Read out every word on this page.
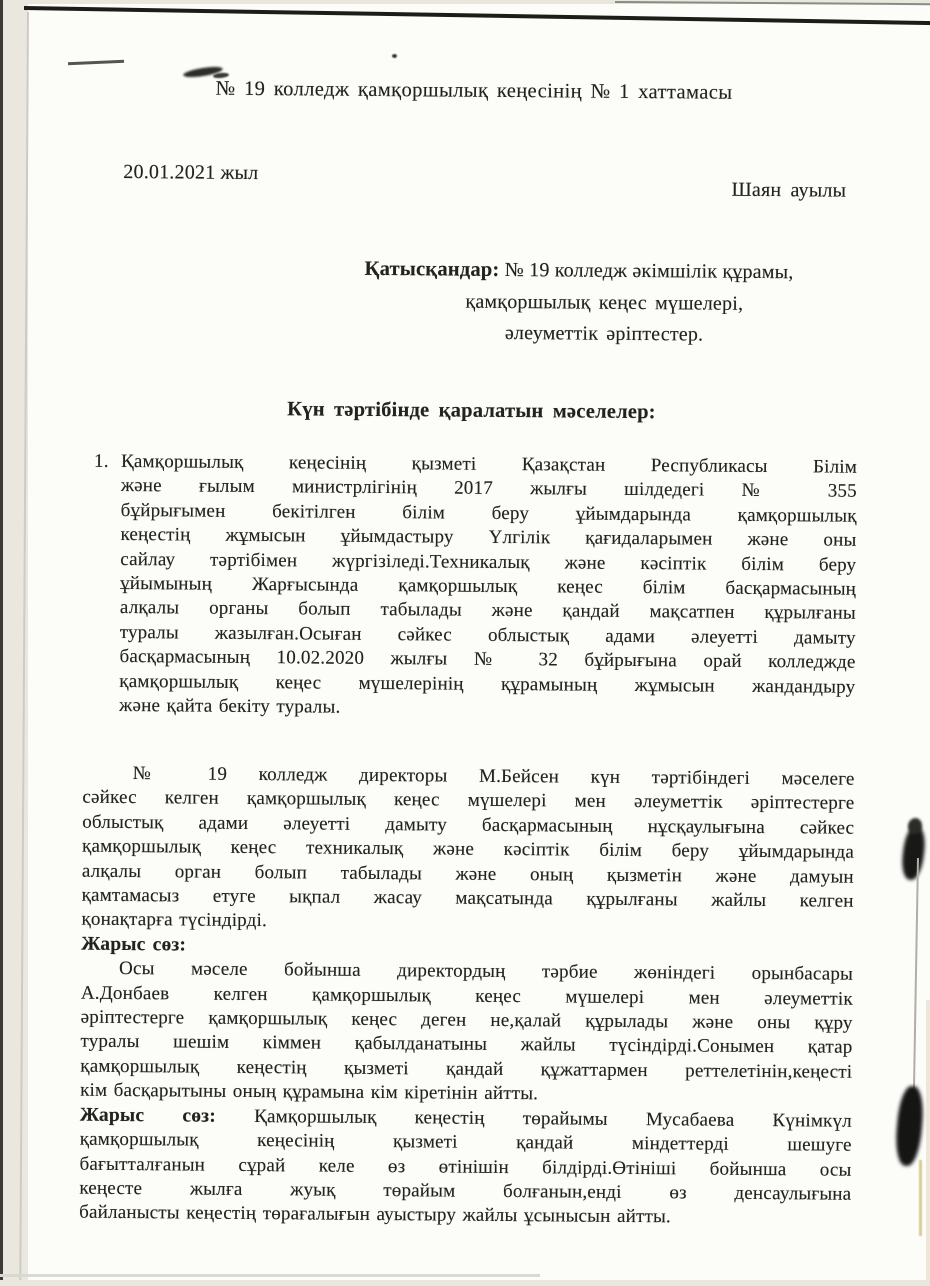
№ 19 колледж қамқоршылық кеңесінің № 1 хаттамасы
20.01.2021 жыл
Шаян ауылы
Қатысқандар: № 19 колледж әкімшілік құрамы,
қамқоршылық кеңес мүшелері,
әлеуметтік әріптестер.
Күн тәртібінде қаралатын мәселелер:
1. Қамқоршылық кеңесінің қызметі Қазақстан Республикасы Білім
және ғылым министрлігінің 2017 жылғы шілдедегі № 355
бұйрығымен бекітілген білім беру ұйымдарында қамқоршылық
кеңестің жұмысын ұйымдастыру Үлгілік қағидаларымен және оны
сайлау тәртібімен жүргізіледі.Техникалық және кәсіптік білім беру
ұйымының Жарғысында қамқоршылық кеңес білім басқармасының
алқалы органы болып табылады және қандай мақсатпен құрылғаны
туралы жазылған.Осыған сәйкес облыстық адами әлеуетті дамыту
басқармасының 10.02.2020 жылғы № 32 бұйрығына орай колледжде
қамқоршылық кеңес мүшелерінің құрамының жұмысын жандандыру
және қайта бекіту туралы.
№ 19 колледж директоры М.Бейсен күн тәртібіндегі мәселеге
сәйкес келген қамқоршылық кеңес мүшелері мен әлеуметтік әріптестерге
облыстық адами әлеуетті дамыту басқармасының нұсқаулығына сәйкес
қамқоршылық кеңес техникалық және кәсіптік білім беру ұйымдарында
алқалы орган болып табылады және оның қызметін және дамуын
қамтамасыз етуге ықпал жасау мақсатында құрылғаны жайлы келген
қонақтарға түсіндірді.
Жарыс сөз:
Осы мәселе бойынша директордың тәрбие жөніндегі орынбасары
А.Донбаев келген қамқоршылық кеңес мүшелері мен әлеуметтік
әріптестерге қамқоршылық кеңес деген не,қалай құрылады және оны құру
туралы шешім кіммен қабылданатыны жайлы түсіндірді.Сонымен қатар
қамқоршылық кеңестің қызметі қандай құжаттармен реттелетінін,кеңесті
кім басқарытыны оның құрамына кім кіретінін айтты.
Жарыс сөз: Қамқоршылық кеңестің төрайымы Мусабаева Күнімкүл
қамқоршылық кеңесінің қызметі қандай міндеттерді шешуге
бағытталғанын сұрай келе өз өтінішін білдірді.Өтініші бойынша осы
кеңесте жылға жуық төрайым болғанын,енді өз денсаулығына
байланысты кеңестің төрағалығын ауыстыру жайлы ұсынысын айтты.
